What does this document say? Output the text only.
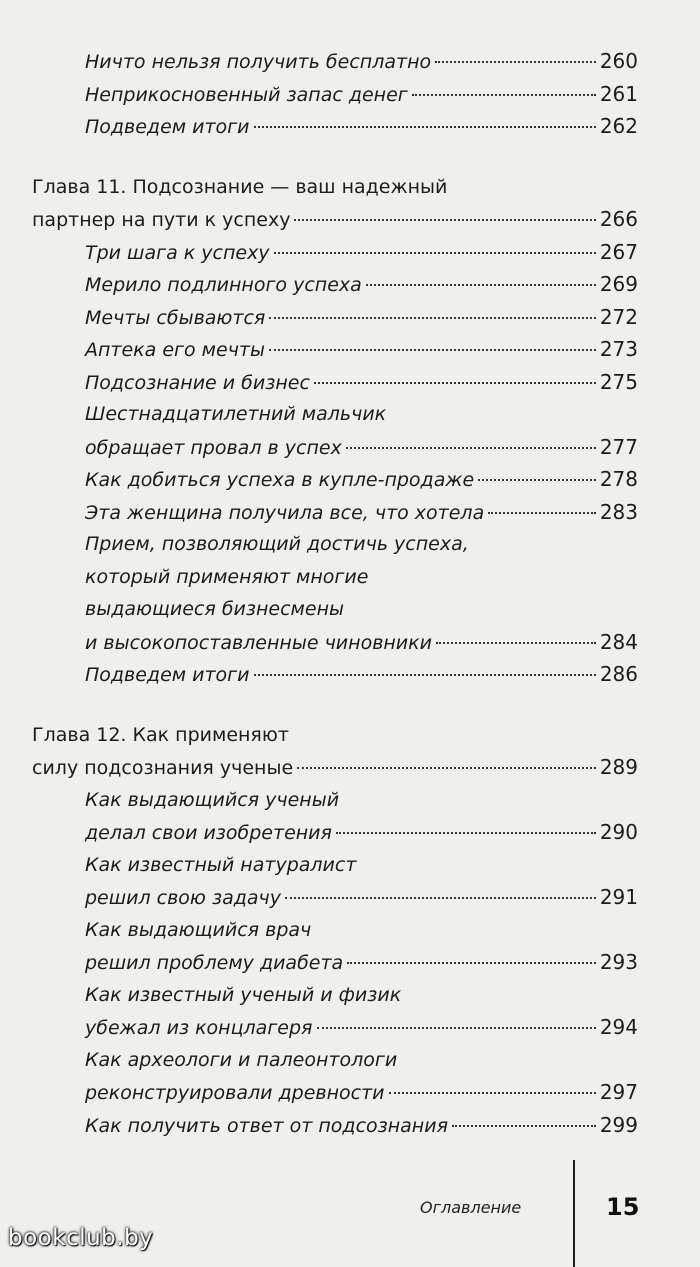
Ничто нельзя получить бесплатно	260
Неприкосновенный запас денег	261
Подведем итоги	262
Глава 11. Подсознание — ваш надежный
партнер на пути к успеху	266
Три шага к успеху	267
Мерило подлинного успеха	269
Мечты сбываются	272
Аптека его мечты	273
Подсознание и бизнес	275
Шестнадцатилетний мальчик
обращает провал в успех	277
Как добиться успеха в купле-продаже	278
Эта женщина получила все, что хотела	283
Прием, позволяющий достичь успеха,
который применяют многие
выдающиеся бизнесмены
и высокопоставленные чиновники	284
Подведем итоги	286
Глава 12. Как применяют
силу подсознания ученые	289
Как выдающийся ученый
делал свои изобретения	290
Как известный натуралист
решил свою задачу	291
Как выдающийся врач
решил проблему диабета	293
Как известный ученый и физик
убежал из концлагеря	294
Как археологи и палеонтологи
реконструировали древности	297
Как получить ответ от подсознания	299
Оглавление	15
bookclub.by
